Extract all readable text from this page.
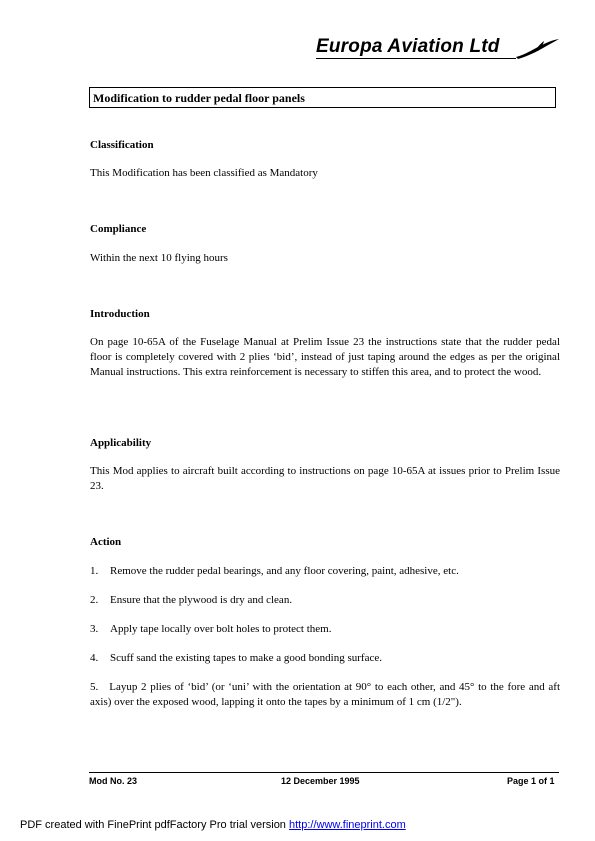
Europa Aviation Ltd
Modification to rudder pedal floor panels
Classification
This Modification has been classified as Mandatory
Compliance
Within the next 10 flying hours
Introduction
On page 10-65A of the Fuselage Manual at Prelim Issue 23 the instructions state that the rudder pedal floor is completely covered with 2 plies ‘bid’, instead of just taping around the edges as per the original Manual instructions. This extra reinforcement is necessary to stiffen this area, and to protect the wood.
Applicability
This Mod applies to aircraft built according to instructions on page 10-65A at issues prior to Prelim Issue 23.
Action
1. Remove the rudder pedal bearings, and any floor covering, paint, adhesive, etc.
2. Ensure that the plywood is dry and clean.
3. Apply tape locally over bolt holes to protect them.
4. Scuff sand the existing tapes to make a good bonding surface.
5. Layup 2 plies of ‘bid’ (or ‘uni’ with the orientation at 90° to each other, and 45° to the fore and aft axis) over the exposed wood, lapping it onto the tapes by a minimum of 1 cm (1/2").
Mod No. 23	12 December 1995	Page 1 of 1
PDF created with FinePrint pdfFactory Pro trial version http://www.fineprint.com
